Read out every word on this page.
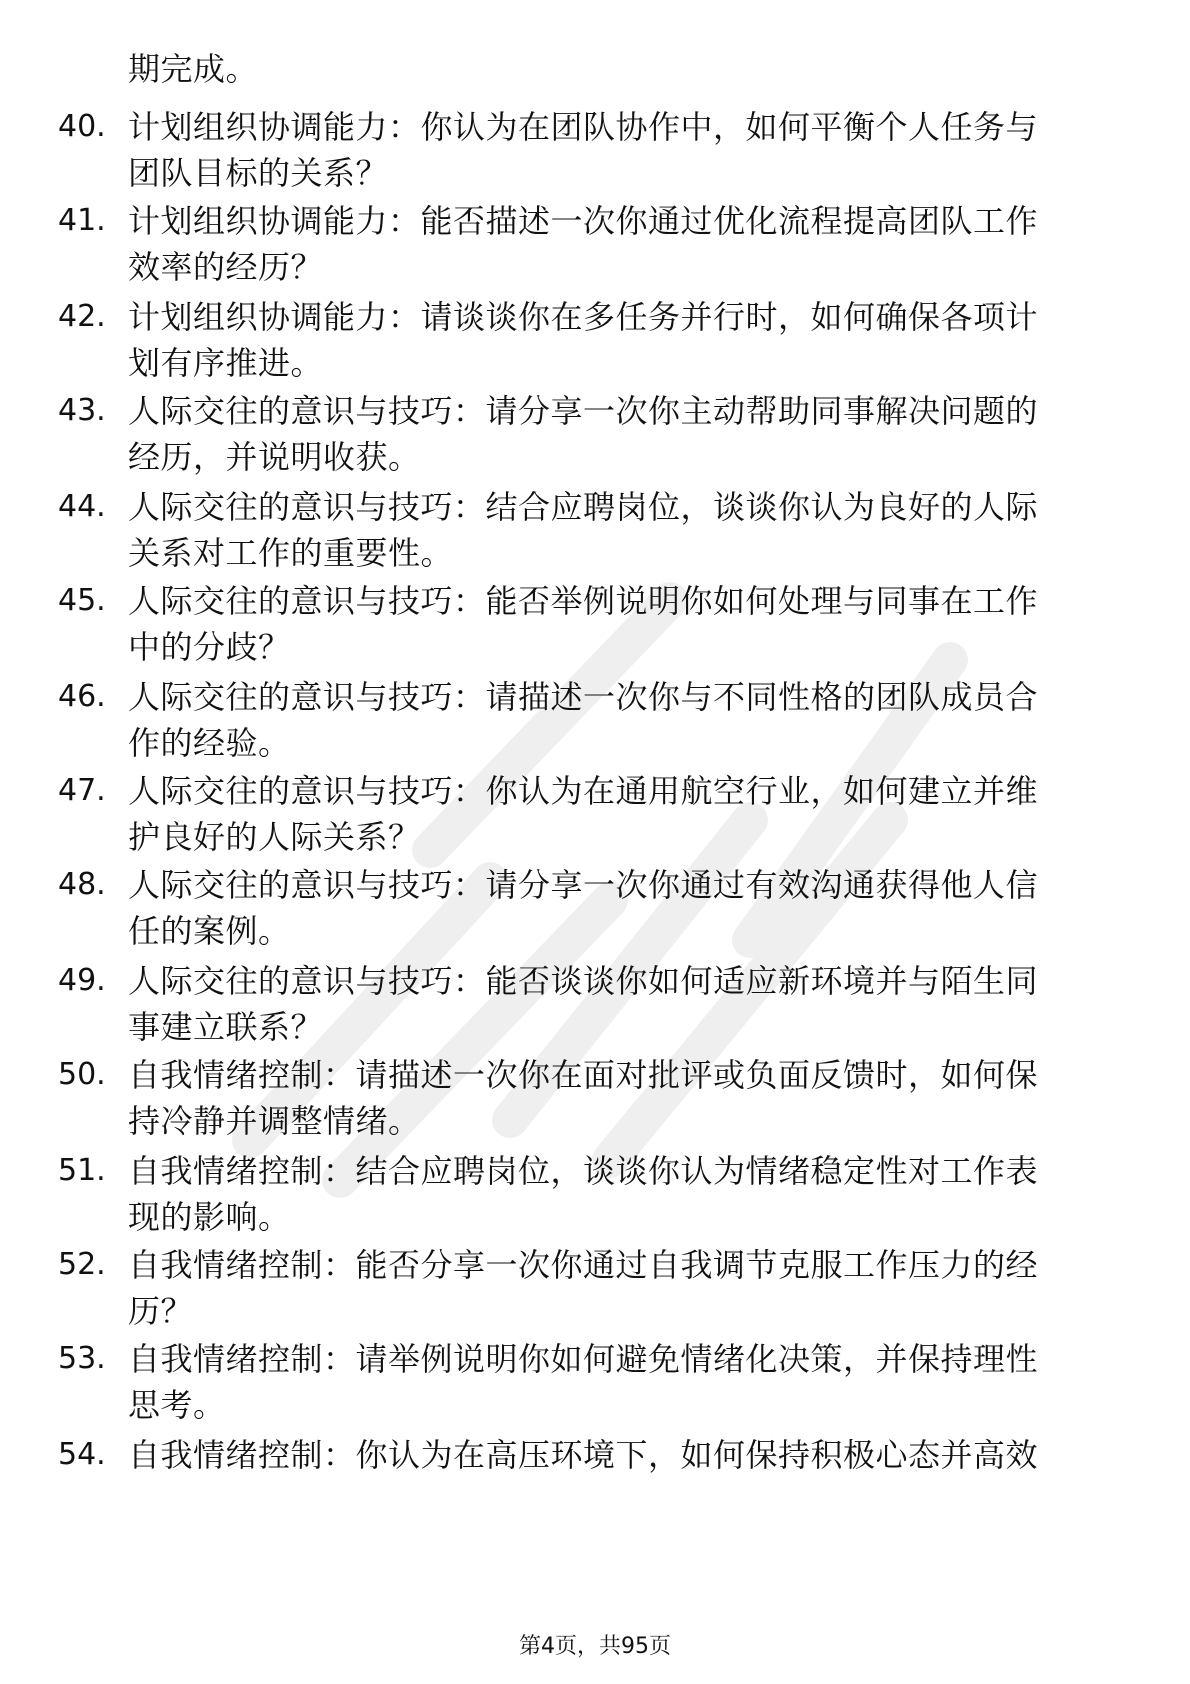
期完成。
40. 计划组织协调能力：你认为在团队协作中，如何平衡个人任务与
团队目标的关系？
41. 计划组织协调能力：能否描述一次你通过优化流程提高团队工作
效率的经历？
42. 计划组织协调能力：请谈谈你在多任务并行时，如何确保各项计
划有序推进。
43. 人际交往的意识与技巧：请分享一次你主动帮助同事解决问题的
经历，并说明收获。
44. 人际交往的意识与技巧：结合应聘岗位，谈谈你认为良好的人际
关系对工作的重要性。
45. 人际交往的意识与技巧：能否举例说明你如何处理与同事在工作
中的分歧？
46. 人际交往的意识与技巧：请描述一次你与不同性格的团队成员合
作的经验。
47. 人际交往的意识与技巧：你认为在通用航空行业，如何建立并维
护良好的人际关系？
48. 人际交往的意识与技巧：请分享一次你通过有效沟通获得他人信
任的案例。
49. 人际交往的意识与技巧：能否谈谈你如何适应新环境并与陌生同
事建立联系？
50. 自我情绪控制：请描述一次你在面对批评或负面反馈时，如何保
持冷静并调整情绪。
51. 自我情绪控制：结合应聘岗位，谈谈你认为情绪稳定性对工作表
现的影响。
52. 自我情绪控制：能否分享一次你通过自我调节克服工作压力的经
历？
53. 自我情绪控制：请举例说明你如何避免情绪化决策，并保持理性
思考。
54. 自我情绪控制：你认为在高压环境下，如何保持积极心态并高效
第4页，共95页
